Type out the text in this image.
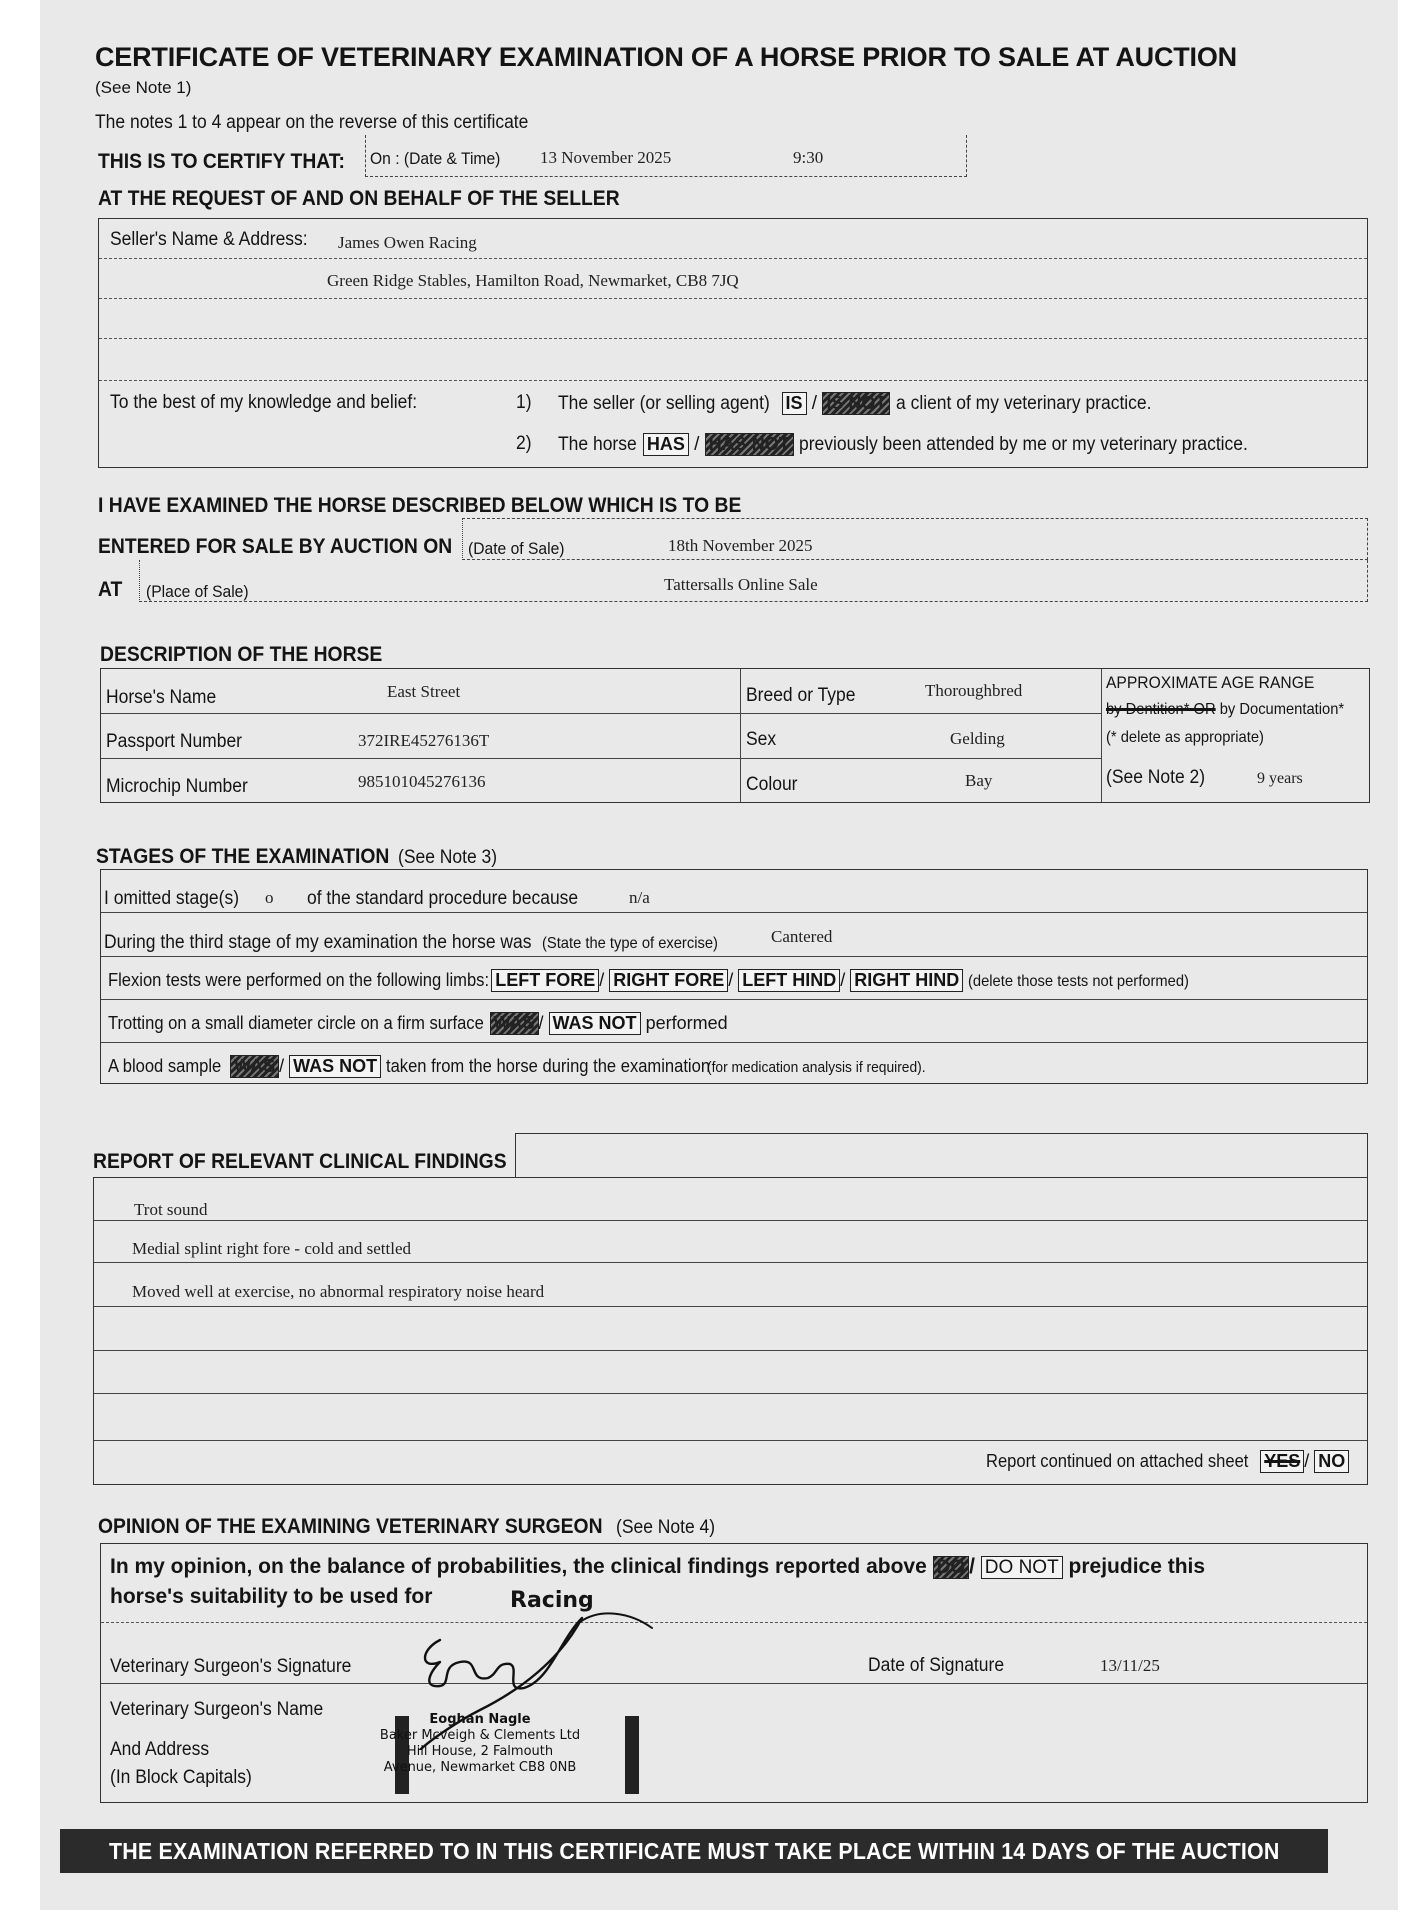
CERTIFICATE OF VETERINARY EXAMINATION OF A HORSE PRIOR TO SALE AT AUCTION
(See Note 1)
The notes 1 to 4 appear on the reverse of this certificate
THIS IS TO CERTIFY THAT: On : (Date & Time) 13 November 2025	9:30
AT THE REQUEST OF AND ON BEHALF OF THE SELLER
Seller's Name & Address: James Owen Racing
Green Ridge Stables, Hamilton Road, Newmarket, CB8 7JQ
To the best of my knowledge and belief:	1) The seller (or selling agent) IS / IS NOT a client of my veterinary practice.
2) The horse HAS / HAS NOT previously been attended by me or my veterinary practice.
I HAVE EXAMINED THE HORSE DESCRIBED BELOW WHICH IS TO BE
ENTERED FOR SALE BY AUCTION ON (Date of Sale)	18th November 2025
AT (Place of Sale)	Tattersalls Online Sale
DESCRIPTION OF THE HORSE
Horse's Name	East Street
Passport Number	372IRE45276136T
Microchip Number	985101045276136
Breed or Type	Thoroughbred
Sex	Gelding
Colour	Bay
APPROXIMATE AGE RANGE
by Dentition* OR by Documentation*
(* delete as appropriate)
(See Note 2)	9 years
STAGES OF THE EXAMINATION (See Note 3)
I omitted stage(s) o of the standard procedure because	n/a
During the third stage of my examination the horse was (State the type of exercise)	Cantered
Flexion tests were performed on the following limbs: LEFT FORE / RIGHT FORE / LEFT HIND / RIGHT HIND (delete those tests not performed)
Trotting on a small diameter circle on a firm surface WAS / WAS NOT performed
A blood sample WAS / WAS NOT taken from the horse during the examination (for medication analysis if required).
REPORT OF RELEVANT CLINICAL FINDINGS
Trot sound
Medial splint right fore - cold and settled
Moved well at exercise, no abnormal respiratory noise heard
Report continued on attached sheet YES / NO
OPINION OF THE EXAMINING VETERINARY SURGEON (See Note 4)
In my opinion, on the balance of probabilities, the clinical findings reported above DO / DO NOT prejudice this
horse's suitability to be used for	Racing
Veterinary Surgeon's Signature	Date of Signature	13/11/25
Veterinary Surgeon's Name
And Address
(In Block Capitals)
Eoghan Nagle
Baker Mcveigh & Clements Ltd
Hill House, 2 Falmouth
Avenue, Newmarket CB8 0NB
THE EXAMINATION REFERRED TO IN THIS CERTIFICATE MUST TAKE PLACE WITHIN 14 DAYS OF THE AUCTION
